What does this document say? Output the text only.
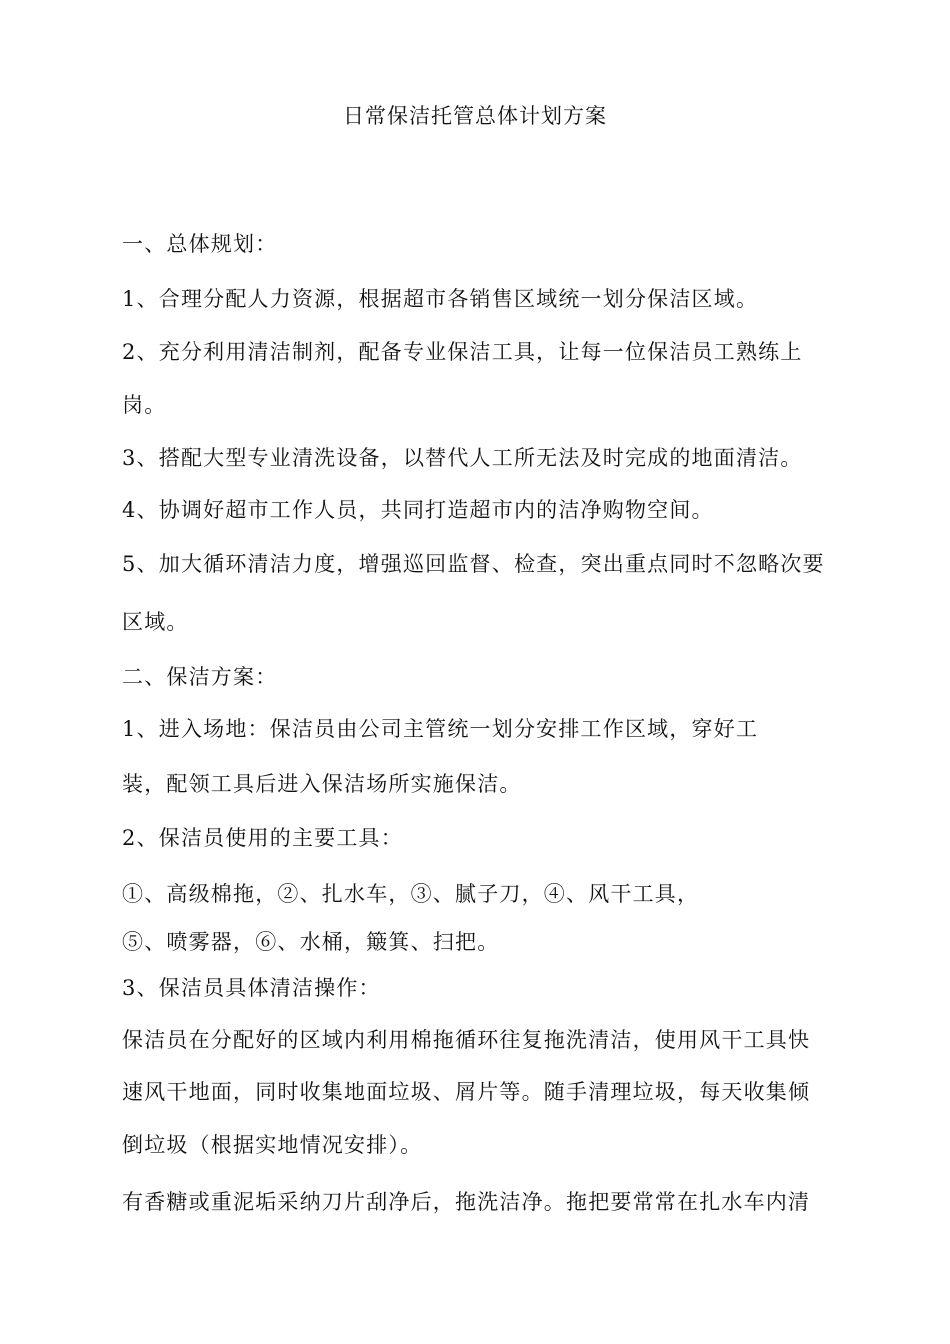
日常保洁托管总体计划方案
一、总体规划：
1、合理分配人力资源，根据超市各销售区域统一划分保洁区域。
2、充分利用清洁制剂，配备专业保洁工具，让每一位保洁员工熟练上
岗。
3、搭配大型专业清洗设备，以替代人工所无法及时完成的地面清洁。
4、协调好超市工作人员，共同打造超市内的洁净购物空间。
5、加大循环清洁力度，增强巡回监督、检查，突出重点同时不忽略次要
区域。
二、保洁方案：
1、进入场地：保洁员由公司主管统一划分安排工作区域，穿好工
装，配领工具后进入保洁场所实施保洁。
2、保洁员使用的主要工具：
①、高级棉拖，②、扎水车，③、腻子刀，④、风干工具，
⑤、喷雾器，⑥、水桶，簸箕、扫把。
3、保洁员具体清洁操作：
保洁员在分配好的区域内利用棉拖循环往复拖洗清洁，使用风干工具快
速风干地面，同时收集地面垃圾、屑片等。随手清理垃圾，每天收集倾
倒垃圾（根据实地情况安排）。
有香糖或重泥垢采纳刀片刮净后，拖洗洁净。拖把要常常在扎水车内清
